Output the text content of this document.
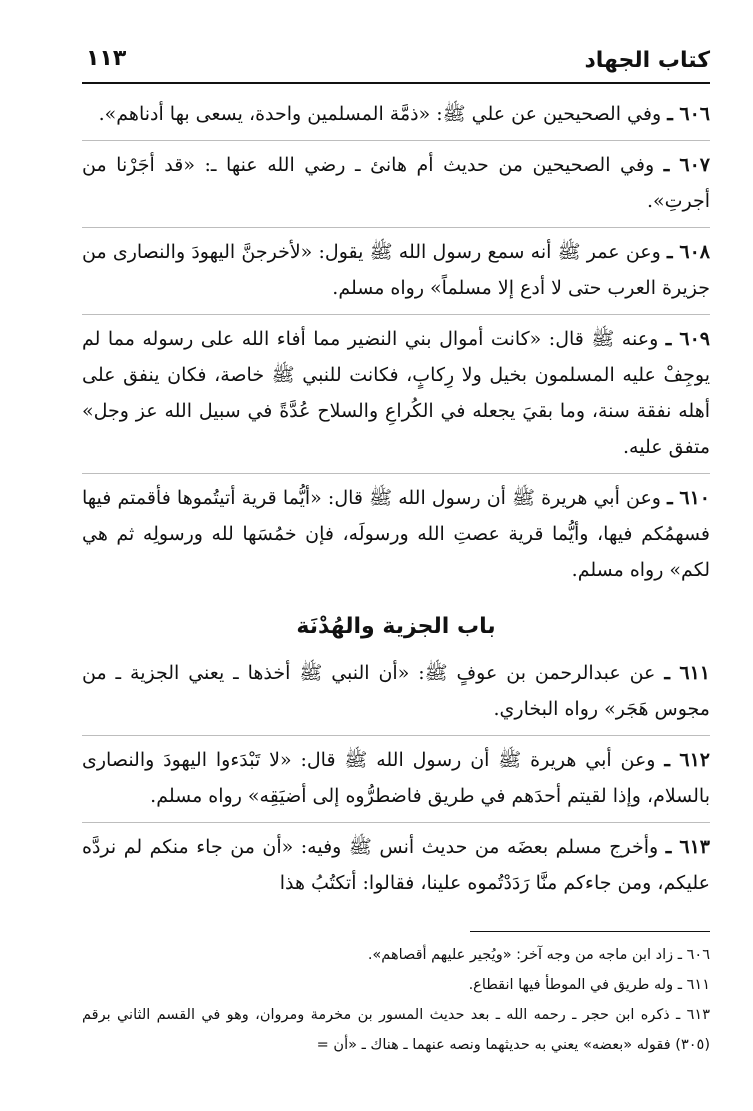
كتاب الجهاد
١١٣

٦٠٦ ـ وفي الصحيحين عن علي ﷺ: «ذمَّة المسلمين واحدة، يسعى بها أدناهم».

٦٠٧ ـ وفي الصحيحين من حديث أم هانئ ـ رضي الله عنها ـ: «قد أجَرْنا من أجرتِ».

٦٠٨ ـ وعن عمر ﷺ أنه سمع رسول الله ﷺ يقول: «لأخرجنَّ اليهودَ والنصارى من جزيرة العرب حتى لا أدع إلا مسلماً» رواه مسلم.

٦٠٩ ـ وعنه ﷺ قال: «كانت أموال بني النضير مما أفاء الله على رسوله مما لم يوجِفْ عليه المسلمون بخيل ولا رِكابٍ، فكانت للنبي ﷺ خاصة، فكان ينفق على أهله نفقة سنة، وما بقيَ يجعله في الكُراعِ والسلاح عُدَّةً في سبيل الله عز وجل» متفق عليه.

٦١٠ ـ وعن أبي هريرة ﷺ أن رسول الله ﷺ قال: «أيُّما قرية أتيتُموها فأقمتم فيها فسهمُكم فيها، وأيُّما قرية عصتِ الله ورسولَه، فإن خمُسَها لله ورسولِه ثم هي لكم» رواه مسلم.

باب الجزية والهُدْنَة

٦١١ ـ عن عبدالرحمن بن عوفٍ ﷺ: «أن النبي ﷺ أخذها ـ يعني الجزية ـ من مجوس هَجَر» رواه البخاري.

٦١٢ ـ وعن أبي هريرة ﷺ أن رسول الله ﷺ قال: «لا تَبْدَءوا اليهودَ والنصارى بالسلام، وإذا لقيتم أحدَهم في طريق فاضطرُّوه إلى أضيَقِه» رواه مسلم.

٦١٣ ـ وأخرج مسلم بعضَه من حديث أنس ﷺ وفيه: «أن من جاء منكم لم نردَّه عليكم، ومن جاءكم منَّا رَدَدْتُموه علينا، فقالوا: أتكتُبُ هذا

٦٠٦ ـ زاد ابن ماجه من وجه آخر: «ويُجير عليهم أقصاهم».

٦١١ ـ وله طريق في الموطأ فيها انقطاع.

٦١٣ ـ ذكره ابن حجر ـ رحمه الله ـ بعد حديث المسور بن مخرمة ومروان، وهو في القسم الثاني برقم (٣٠٥) فقوله «بعضه» يعني به حديثهما ونصه عنهما ـ هناك ـ «أن =
